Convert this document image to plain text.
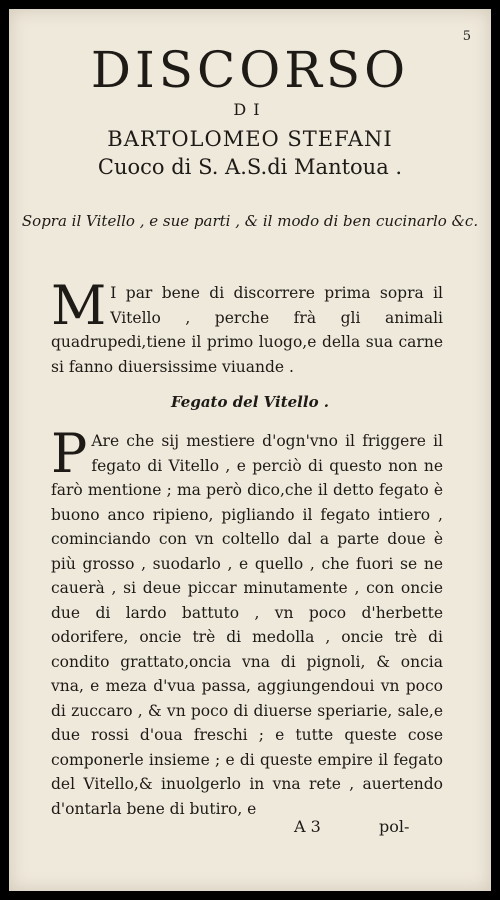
5
DISCORSO
DI
BARTOLOMEO STEFANI
Cuoco di S. A.S.di Mantoua .
Sopra il Vitello , e sue parti , & il modo di ben cucinarlo &c.
M I par bene di discorrere prima sopra il Vitello , perche frà gli animali quadrupedi,tiene il primo luogo,e della sua carne si fanno diuersissime viuande .
Fegato del Vitello .
P Are che sij mestiere d'ogn'vno il friggere il fegato di Vitello , e perciò di questo non ne farò mentione ; ma però dico,che il detto fegato è buono anco ripieno, pigliando il fegato intiero , cominciando con vn coltello dal a parte doue è più grosso , suodarlo , e quello , che fuori se ne cauerà , si deue piccar minutamente , con oncie due di lardo battuto , vn poco d'herbette odorifere, oncie trè di medolla , oncie trè di condito grattato,oncia vna di pignoli, & oncia vna, e meza d'vua passa, aggiungendoui vn poco di zuccaro , & vn poco di diuerse speriarie, sale,e due rossi d'oua freschi ; e tutte queste cose componerle insieme ; e di queste empire il fegato del Vitello,& inuolgerlo in vna rete , auertendo d'ontarla bene di butiro, e
A 3	pol-
